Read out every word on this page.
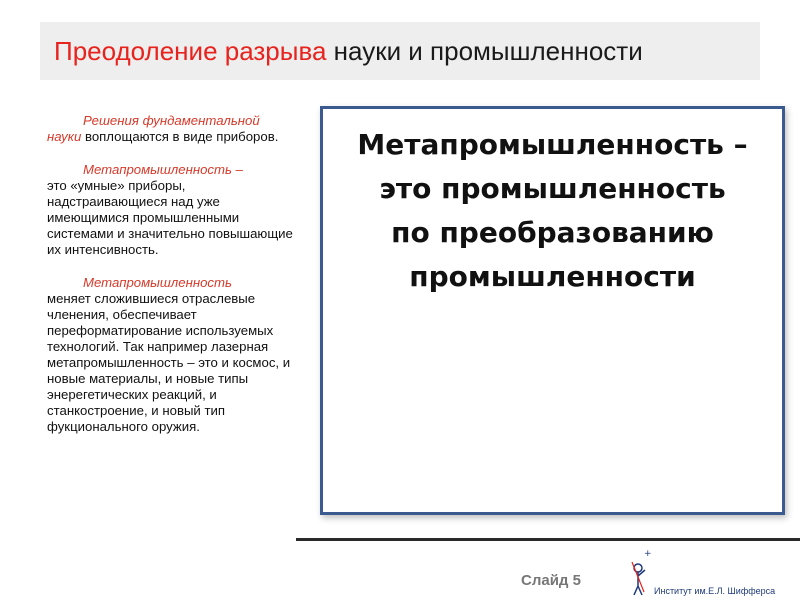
Преодоление разрыва науки и промышленности

Решения фундаментальной науки воплощаются в виде приборов.

Метапромышленность –
это «умные» приборы, надстраивающиеся над уже имеющимися промышленными системами и значительно повышающие их интенсивность.

Метапромышленность
меняет сложившиеся отраслевые членения, обеспечивает переформатирование используемых технологий. Так например лазерная метапромышленность – это и космос, и новые материалы, и новые типы энерегетических реакций, и станкостроение, и новый тип фукционального оружия.

Метапромышленность –
это промышленность
по преобразованию
промышленности
Слайд 5
+
Институт им.Е.Л. Шифферса
